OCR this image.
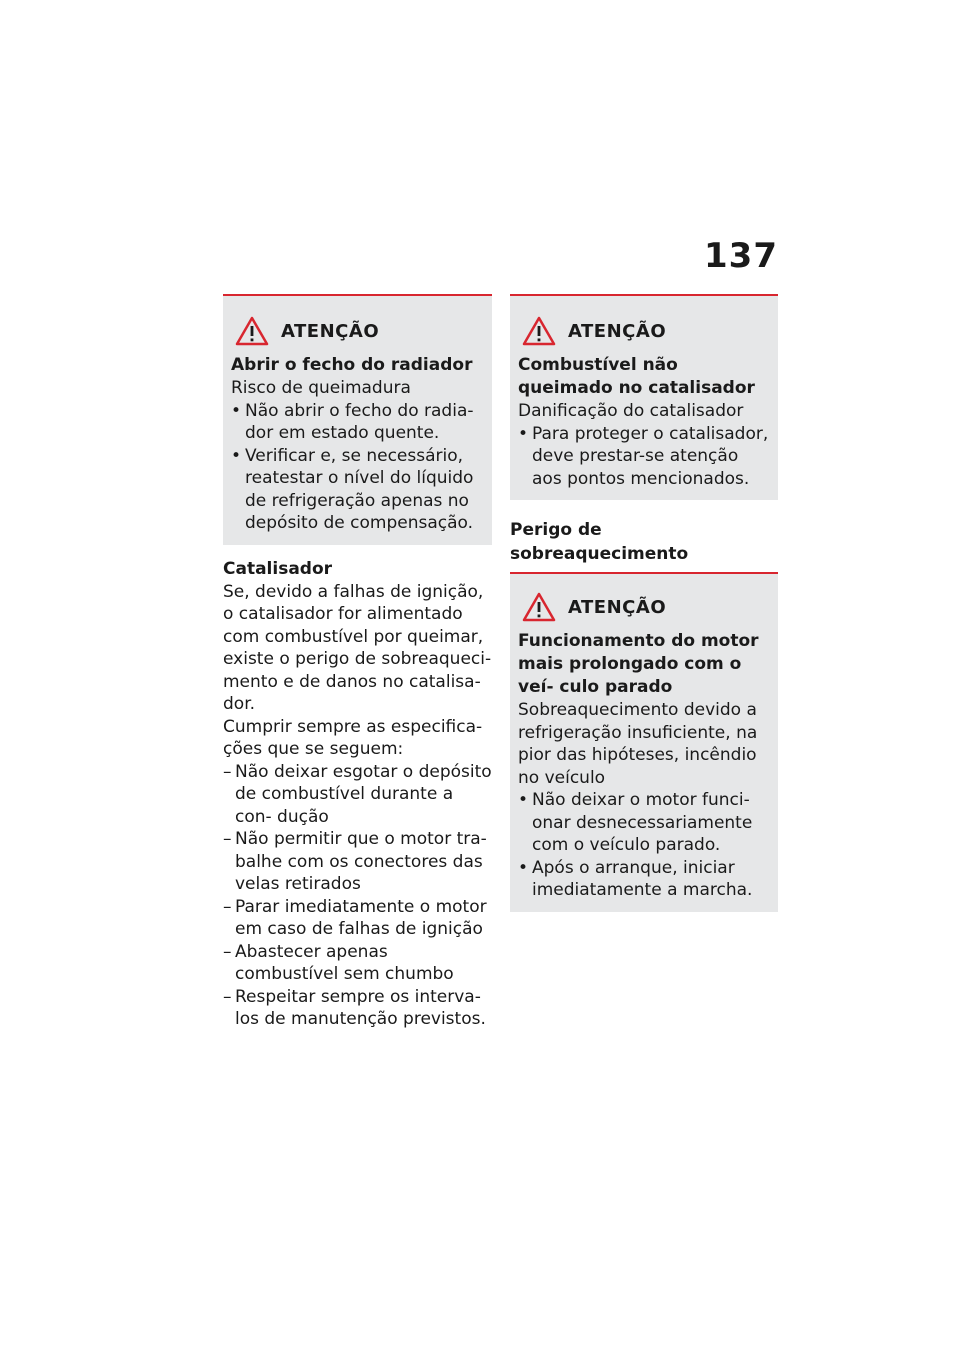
137
ATENÇÃO
Abrir o fecho do radiador
Risco de queimadura
• Não abrir o fecho do radia- dor em estado quente.
• Verificar e, se necessário, reatestar o nível do líquido de refrigeração apenas no depósito de compensação.
Catalisador
Se, devido a falhas de ignição, o catalisador for alimentado com combustível por queimar, existe o perigo de sobreaqueci- mento e de danos no catalisa- dor.
Cumprir sempre as especifica- ções que se seguem:
– Não deixar esgotar o depósito de combustível durante a con- dução
– Não permitir que o motor tra- balhe com os conectores das velas retirados
– Parar imediatamente o motor em caso de falhas de ignição
– Abastecer apenas combustível sem chumbo
– Respeitar sempre os interva- los de manutenção previstos.
ATENÇÃO
Combustível não queimado no catalisador
Danificação do catalisador
• Para proteger o catalisador, deve prestar-se atenção aos pontos mencionados.
Perigo de sobreaquecimento
ATENÇÃO
Funcionamento do motor mais prolongado com o veí- culo parado
Sobreaquecimento devido a refrigeração insuficiente, na pior das hipóteses, incêndio no veículo
• Não deixar o motor funci- onar desnecessariamente com o veículo parado.
• Após o arranque, iniciar imediatamente a marcha.
